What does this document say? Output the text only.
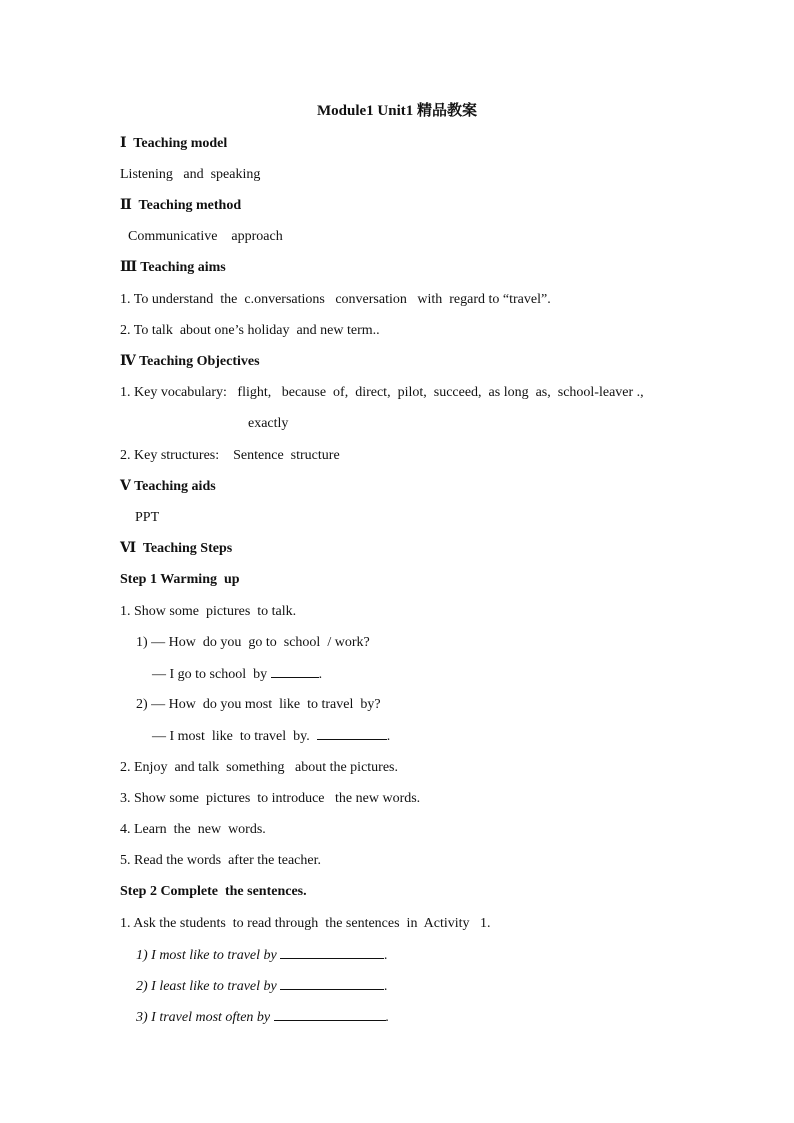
Module1 Unit1 精品教案
Ⅰ  Teaching model
Listening   and  speaking
Ⅱ  Teaching method
Communicative    approach
Ⅲ Teaching aims
1. To understand  the  c.onversations   conversation   with  regard to “travel”.
2. To talk  about one’s holiday  and new term..
Ⅳ Teaching Objectives
1. Key vocabulary:   flight,   because  of,  direct,  pilot,  succeed,  as long  as,  school-leaver .,
exactly
2. Key structures:    Sentence  structure
Ⅴ Teaching aids
PPT
Ⅵ  Teaching Steps
Step 1 Warming  up
1. Show some  pictures  to talk.
1) — How  do you  go to  school  / work?
— I go to school  by	.
2) — How  do you most  like  to travel  by?
— I most  like  to travel  by.	.
2. Enjoy  and talk  something   about the pictures.
3. Show some  pictures  to introduce   the new words.
4. Learn  the  new  words.
5. Read the words  after the teacher.
Step 2 Complete  the sentences.
1. Ask the students  to read through  the sentences  in  Activity   1.
1) I most like to travel by	.
2) I least like to travel by	.
3) I travel most often by	.
